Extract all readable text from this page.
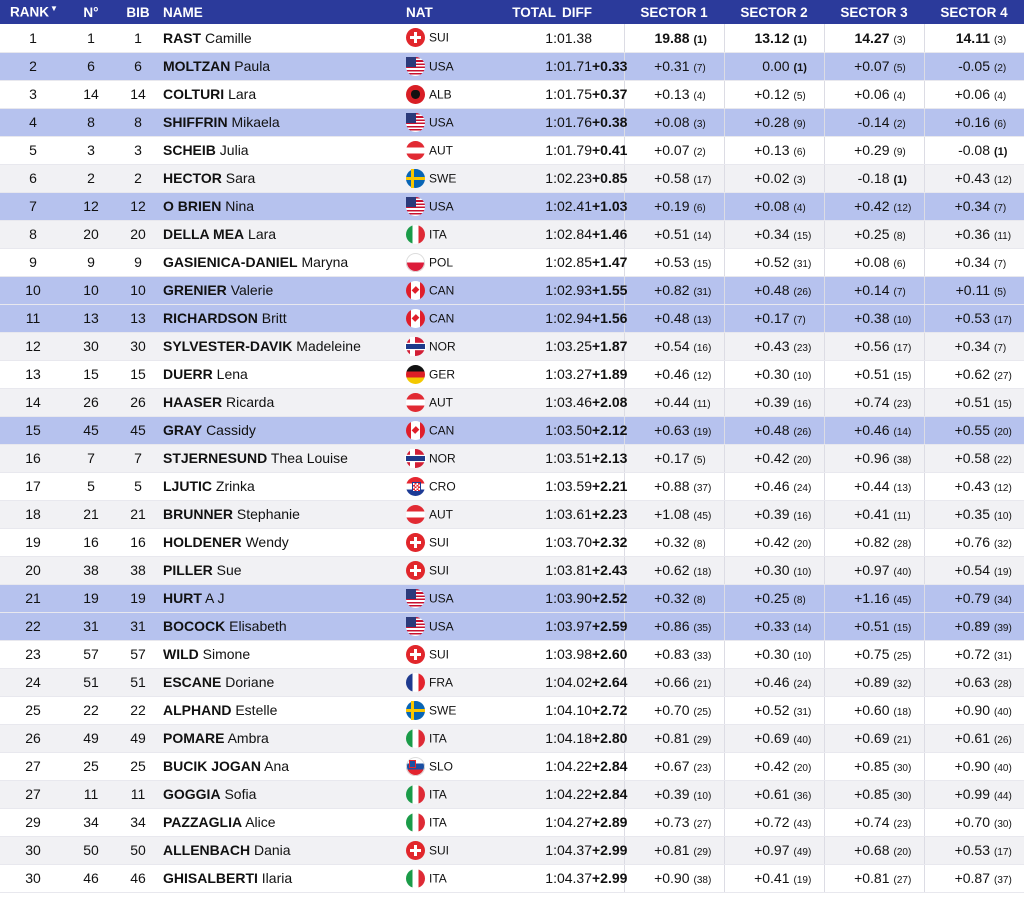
RANK▼	N°	BIB	NAME	NAT	TOTAL	DIFF	SECTOR 1	SECTOR 2	SECTOR 3	SECTOR 4
1	1	1	RAST Camille	SUI	1:01.38		19.88 (1)	13.12 (1)	14.27 (3)	14.11 (3)
2	6	6	MOLTZAN Paula	USA	1:01.71	+0.33	+0.31 (7)	0.00 (1)	+0.07 (5)	-0.05 (2)
3	14	14	COLTURI Lara	ALB	1:01.75	+0.37	+0.13 (4)	+0.12 (5)	+0.06 (4)	+0.06 (4)
4	8	8	SHIFFRIN Mikaela	USA	1:01.76	+0.38	+0.08 (3)	+0.28 (9)	-0.14 (2)	+0.16 (6)
5	3	3	SCHEIB Julia	AUT	1:01.79	+0.41	+0.07 (2)	+0.13 (6)	+0.29 (9)	-0.08 (1)
6	2	2	HECTOR Sara	SWE	1:02.23	+0.85	+0.58 (17)	+0.02 (3)	-0.18 (1)	+0.43 (12)
7	12	12	O BRIEN Nina	USA	1:02.41	+1.03	+0.19 (6)	+0.08 (4)	+0.42 (12)	+0.34 (7)
8	20	20	DELLA MEA Lara	ITA	1:02.84	+1.46	+0.51 (14)	+0.34 (15)	+0.25 (8)	+0.36 (11)
9	9	9	GASIENICA-DANIEL Maryna	POL	1:02.85	+1.47	+0.53 (15)	+0.52 (31)	+0.08 (6)	+0.34 (7)
10	10	10	GRENIER Valerie	CAN	1:02.93	+1.55	+0.82 (31)	+0.48 (26)	+0.14 (7)	+0.11 (5)
11	13	13	RICHARDSON Britt	CAN	1:02.94	+1.56	+0.48 (13)	+0.17 (7)	+0.38 (10)	+0.53 (17)
12	30	30	SYLVESTER-DAVIK Madeleine	NOR	1:03.25	+1.87	+0.54 (16)	+0.43 (23)	+0.56 (17)	+0.34 (7)
13	15	15	DUERR Lena	GER	1:03.27	+1.89	+0.46 (12)	+0.30 (10)	+0.51 (15)	+0.62 (27)
14	26	26	HAASER Ricarda	AUT	1:03.46	+2.08	+0.44 (11)	+0.39 (16)	+0.74 (23)	+0.51 (15)
15	45	45	GRAY Cassidy	CAN	1:03.50	+2.12	+0.63 (19)	+0.48 (26)	+0.46 (14)	+0.55 (20)
16	7	7	STJERNESUND Thea Louise	NOR	1:03.51	+2.13	+0.17 (5)	+0.42 (20)	+0.96 (38)	+0.58 (22)
17	5	5	LJUTIC Zrinka	CRO	1:03.59	+2.21	+0.88 (37)	+0.46 (24)	+0.44 (13)	+0.43 (12)
18	21	21	BRUNNER Stephanie	AUT	1:03.61	+2.23	+1.08 (45)	+0.39 (16)	+0.41 (11)	+0.35 (10)
19	16	16	HOLDENER Wendy	SUI	1:03.70	+2.32	+0.32 (8)	+0.42 (20)	+0.82 (28)	+0.76 (32)
20	38	38	PILLER Sue	SUI	1:03.81	+2.43	+0.62 (18)	+0.30 (10)	+0.97 (40)	+0.54 (19)
21	19	19	HURT A J	USA	1:03.90	+2.52	+0.32 (8)	+0.25 (8)	+1.16 (45)	+0.79 (34)
22	31	31	BOCOCK Elisabeth	USA	1:03.97	+2.59	+0.86 (35)	+0.33 (14)	+0.51 (15)	+0.89 (39)
23	57	57	WILD Simone	SUI	1:03.98	+2.60	+0.83 (33)	+0.30 (10)	+0.75 (25)	+0.72 (31)
24	51	51	ESCANE Doriane	FRA	1:04.02	+2.64	+0.66 (21)	+0.46 (24)	+0.89 (32)	+0.63 (28)
25	22	22	ALPHAND Estelle	SWE	1:04.10	+2.72	+0.70 (25)	+0.52 (31)	+0.60 (18)	+0.90 (40)
26	49	49	POMARE Ambra	ITA	1:04.18	+2.80	+0.81 (29)	+0.69 (40)	+0.69 (21)	+0.61 (26)
27	25	25	BUCIK JOGAN Ana	SLO	1:04.22	+2.84	+0.67 (23)	+0.42 (20)	+0.85 (30)	+0.90 (40)
27	11	11	GOGGIA Sofia	ITA	1:04.22	+2.84	+0.39 (10)	+0.61 (36)	+0.85 (30)	+0.99 (44)
29	34	34	PAZZAGLIA Alice	ITA	1:04.27	+2.89	+0.73 (27)	+0.72 (43)	+0.74 (23)	+0.70 (30)
30	50	50	ALLENBACH Dania	SUI	1:04.37	+2.99	+0.81 (29)	+0.97 (49)	+0.68 (20)	+0.53 (17)
30	46	46	GHISALBERTI Ilaria	ITA	1:04.37	+2.99	+0.90 (38)	+0.41 (19)	+0.81 (27)	+0.87 (37)
